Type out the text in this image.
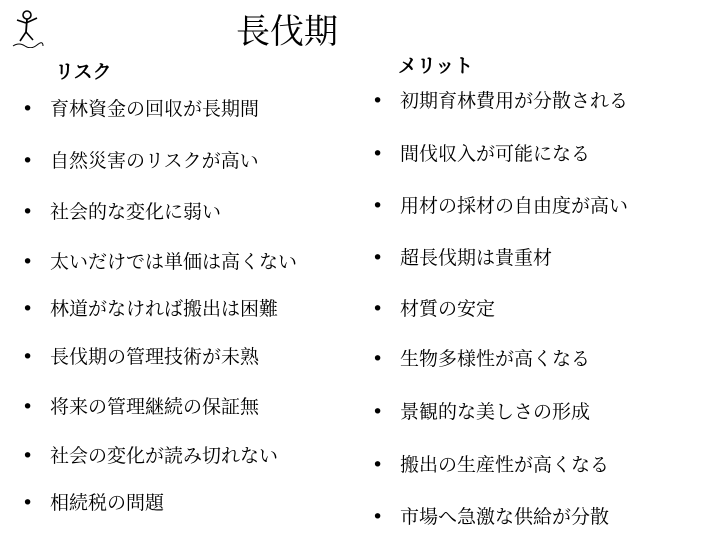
長伐期
リスク	メリット
• 育林資金の回収が長期間
• 自然災害のリスクが高い
• 社会的な変化に弱い
• 太いだけでは単価は高くない
• 林道がなければ搬出は困難
• 長伐期の管理技術が未熟
• 将来の管理継続の保証無
• 社会の変化が読み切れない
• 相続税の問題
• 初期育林費用が分散される
• 間伐収入が可能になる
• 用材の採材の自由度が高い
• 超長伐期は貴重材
• 材質の安定
• 生物多様性が高くなる
• 景観的な美しさの形成
• 搬出の生産性が高くなる
• 市場へ急激な供給が分散
